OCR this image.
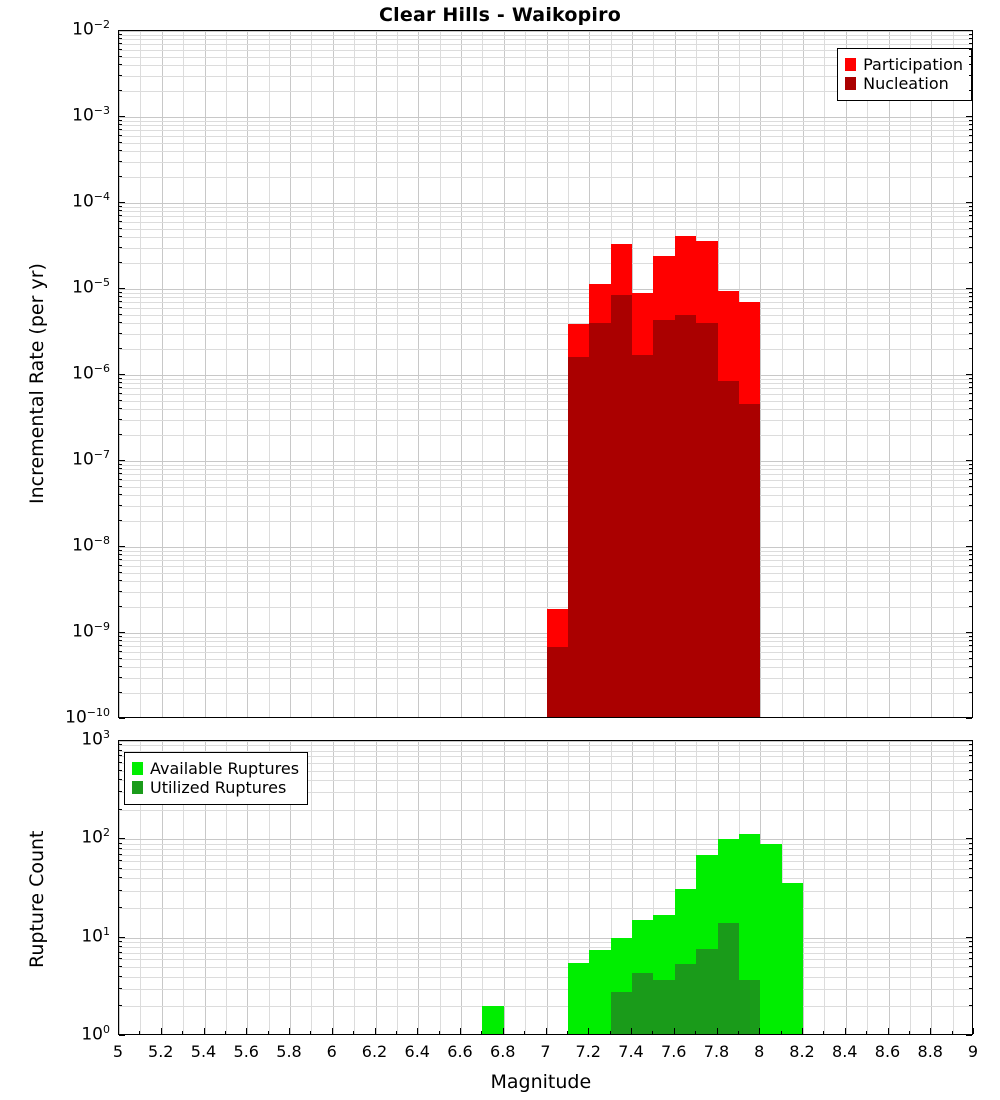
Clear Hills - Waikopiro
Incremental Rate (per yr)
Rupture Count
Magnitude
Participation
Nucleation
Available Ruptures
Utilized Ruptures
$10^{-10}$
$10^{-9}$
$10^{-8}$
$10^{-7}$
$10^{-6}$
$10^{-5}$
$10^{-4}$
$10^{-3}$
$10^{-2}$
$10^0$
$10^1$
$10^2$
$10^3$
5	5.2	5.4	5.6	5.8	6	6.2	6.4	6.6	6.8	7	7.2	7.4	7.6	7.8	8	8.2	8.4	8.6	8.8	9
